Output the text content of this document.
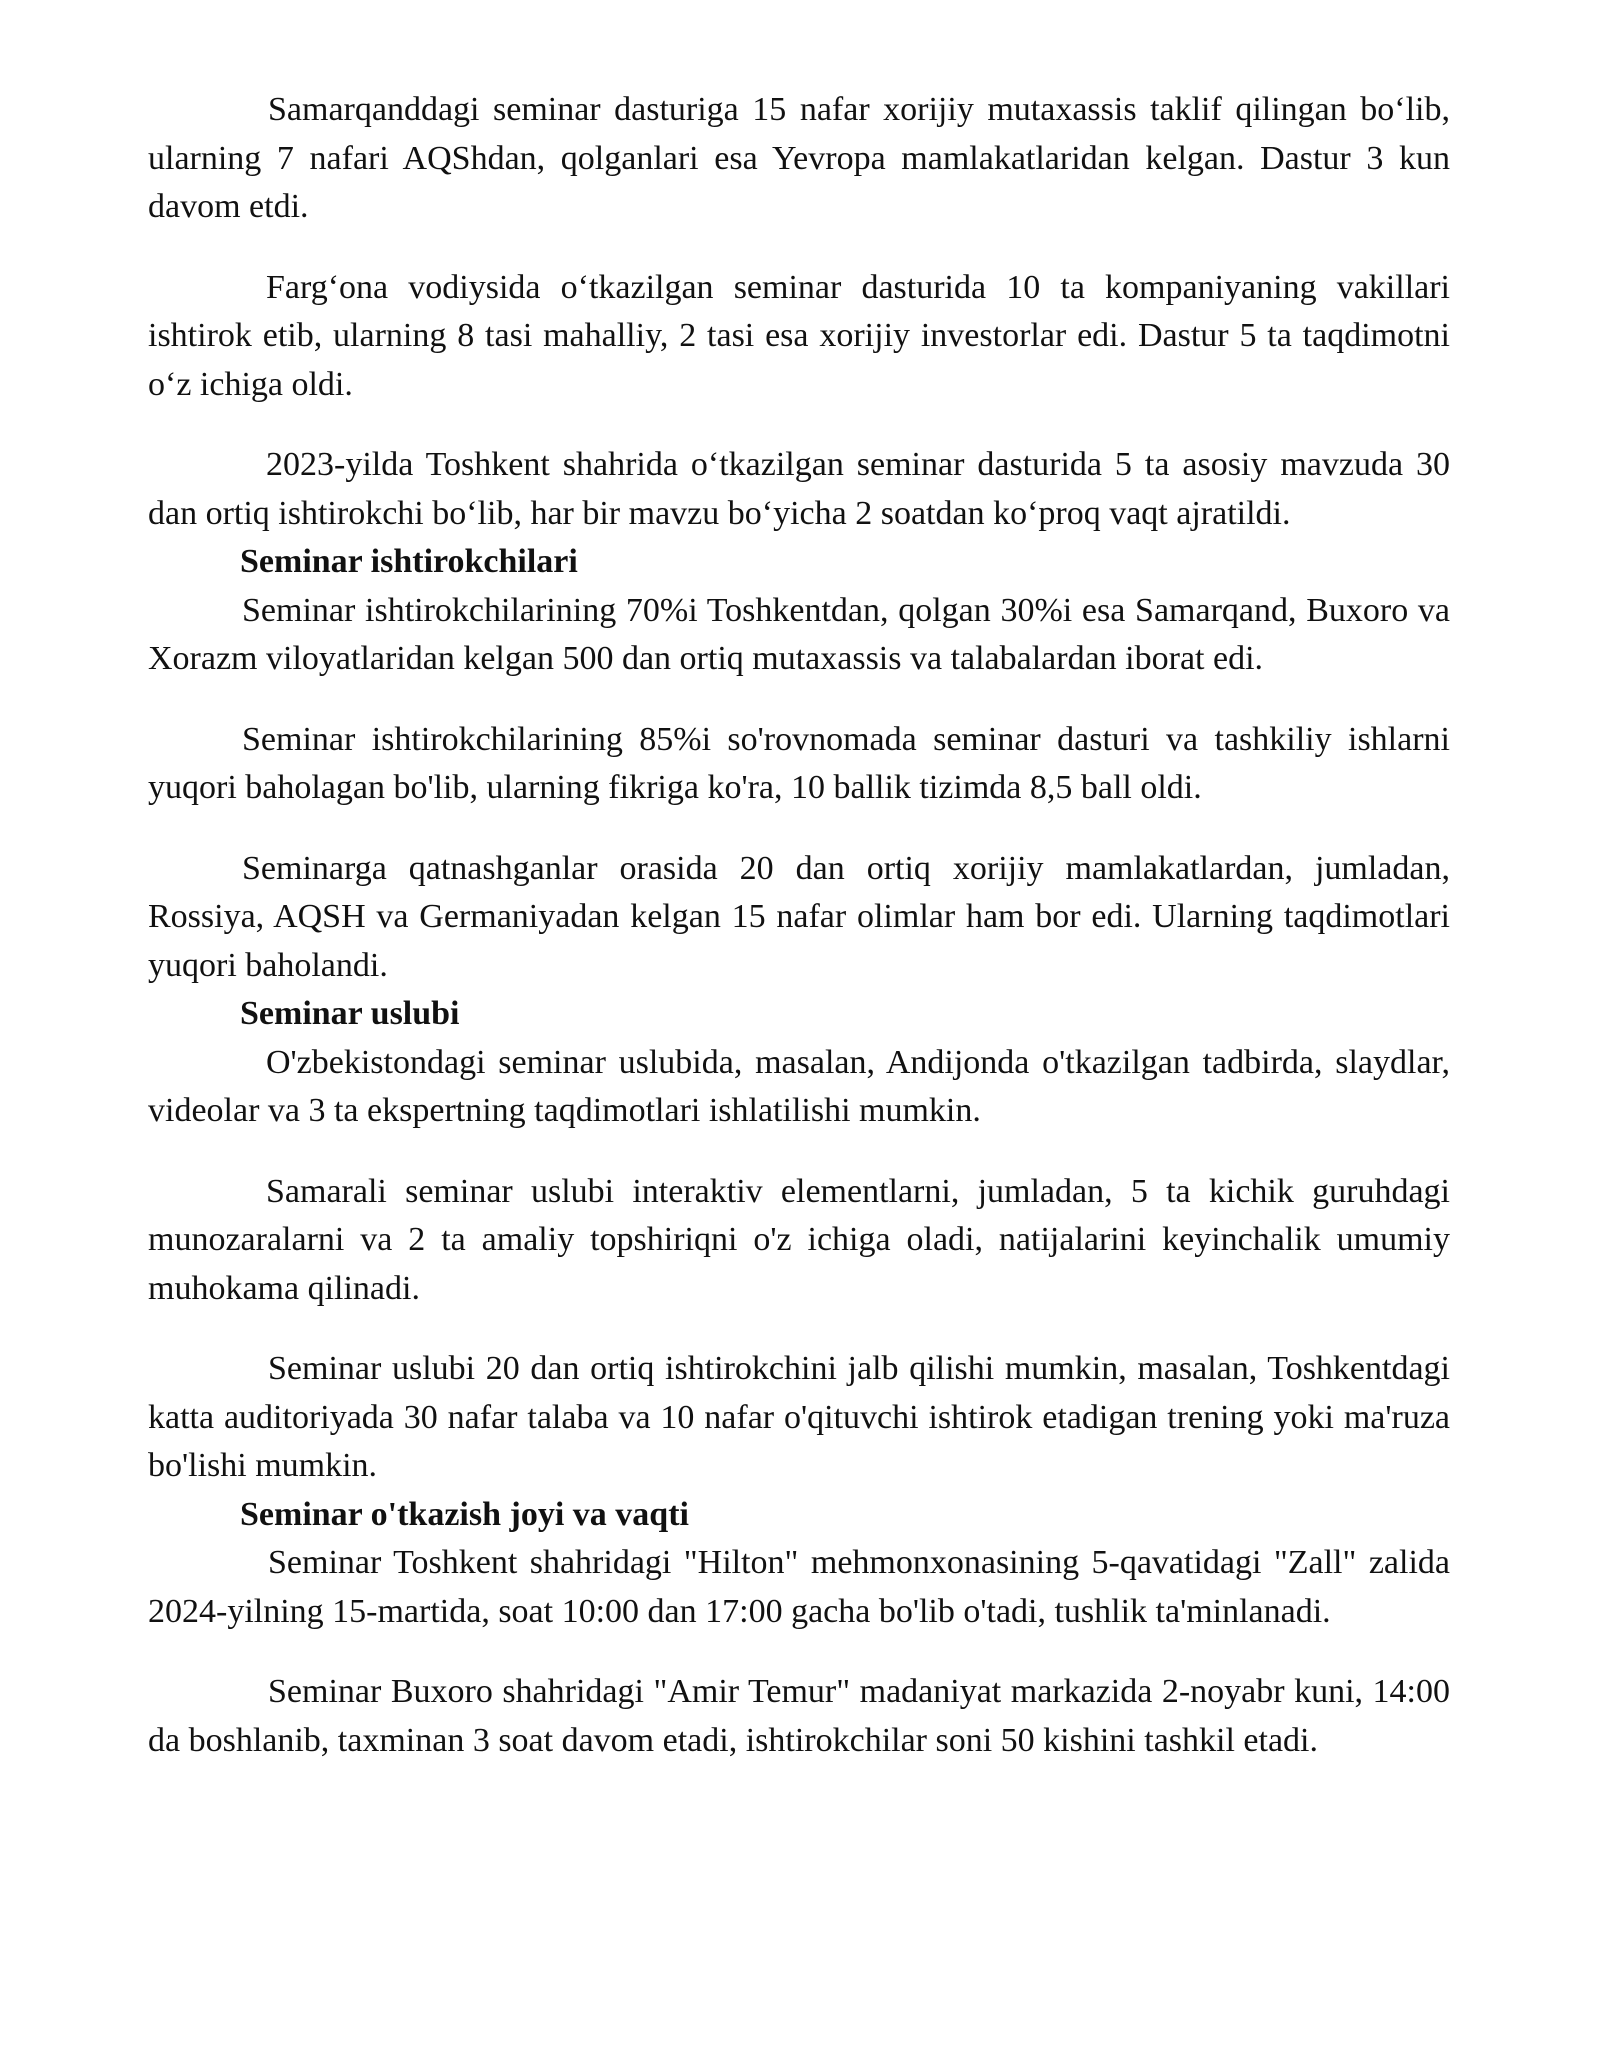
Samarqanddagi seminar dasturiga 15 nafar xorijiy mutaxassis taklif qilingan bo‘lib, ularning 7 nafari AQShdan, qolganlari esa Yevropa mamlakatlaridan kelgan. Dastur 3 kun davom etdi.

Farg‘ona vodiysida o‘tkazilgan seminar dasturida 10 ta kompaniyaning vakillari ishtirok etib, ularning 8 tasi mahalliy, 2 tasi esa xorijiy investorlar edi. Dastur 5 ta taqdimotni o‘z ichiga oldi.

2023-yilda Toshkent shahrida o‘tkazilgan seminar dasturida 5 ta asosiy mavzuda 30 dan ortiq ishtirokchi bo‘lib, har bir mavzu bo‘yicha 2 soatdan ko‘proq vaqt ajratildi.

Seminar ishtirokchilari

Seminar ishtirokchilarining 70%i Toshkentdan, qolgan 30%i esa Samarqand, Buxoro va Xorazm viloyatlaridan kelgan 500 dan ortiq mutaxassis va talabalardan iborat edi.

Seminar ishtirokchilarining 85%i so'rovnomada seminar dasturi va tashkiliy ishlarni yuqori baholagan bo'lib, ularning fikriga ko'ra, 10 ballik tizimda 8,5 ball oldi.

Seminarga qatnashganlar orasida 20 dan ortiq xorijiy mamlakatlardan, jumladan, Rossiya, AQSH va Germaniyadan kelgan 15 nafar olimlar ham bor edi. Ularning taqdimotlari yuqori baholandi.

Seminar uslubi

O'zbekistondagi seminar uslubida, masalan, Andijonda o'tkazilgan tadbirda, slaydlar, videolar va 3 ta ekspertning taqdimotlari ishlatilishi mumkin.

Samarali seminar uslubi interaktiv elementlarni, jumladan, 5 ta kichik guruhdagi munozaralarni va 2 ta amaliy topshiriqni o'z ichiga oladi, natijalarini keyinchalik umumiy muhokama qilinadi.

Seminar uslubi 20 dan ortiq ishtirokchini jalb qilishi mumkin, masalan, Toshkentdagi katta auditoriyada 30 nafar talaba va 10 nafar o'qituvchi ishtirok etadigan trening yoki ma'ruza bo'lishi mumkin.

Seminar o'tkazish joyi va vaqti

Seminar Toshkent shahridagi "Hilton" mehmonxonasining 5-qavatidagi "Zall" zalida 2024-yilning 15-martida, soat 10:00 dan 17:00 gacha bo'lib o'tadi, tushlik ta'minlanadi.

Seminar Buxoro shahridagi "Amir Temur" madaniyat markazida 2-noyabr kuni, 14:00 da boshlanib, taxminan 3 soat davom etadi, ishtirokchilar soni 50 kishini tashkil etadi.
